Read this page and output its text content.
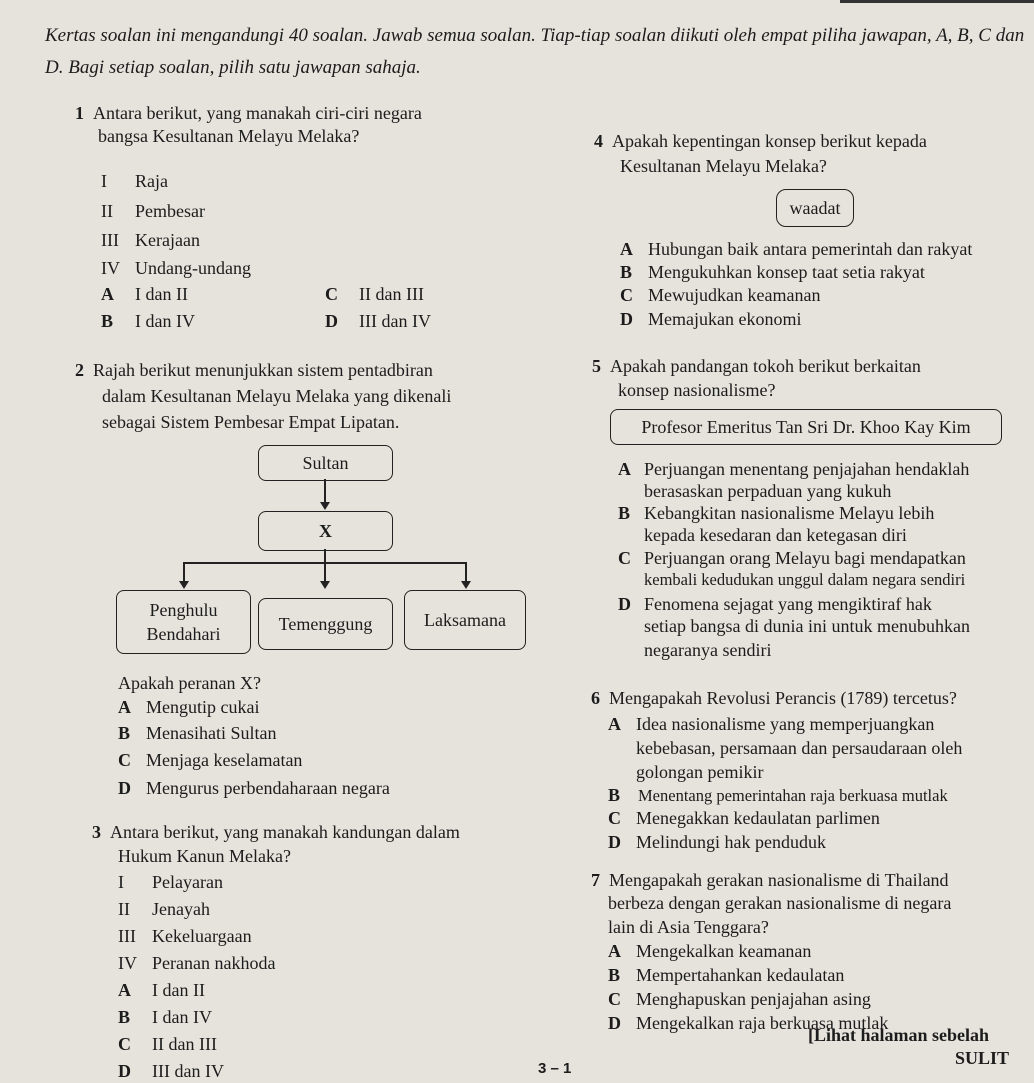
Kertas soalan ini mengandungi 40 soalan. Jawab semua soalan. Tiap-tiap soalan diikuti oleh empat piliha jawapan, A, B, C dan D. Bagi setiap soalan, pilih satu jawapan sahaja.
1 Antara berikut, yang manakah ciri-ciri negara
bangsa Kesultanan Melayu Melaka?
I Raja
II Pembesar
III Kerajaan
IV Undang-undang
A I dan II
B I dan IV
C II dan III
D III dan IV
2 Rajah berikut menunjukkan sistem pentadbiran
dalam Kesultanan Melayu Melaka yang dikenali
sebagai Sistem Pembesar Empat Lipatan.
Sultan
X
Penghulu
Bendahari
Temenggung	Laksamana
Apakah peranan X?
A Mengutip cukai
B Menasihati Sultan
C Menjaga keselamatan
D Mengurus perbendaharaan negara
3 Antara berikut, yang manakah kandungan dalam
Hukum Kanun Melaka?
I Pelayaran
II Jenayah
III Kekeluargaan
IV Peranan nakhoda
A I dan II
B I dan IV
C II dan III
D III dan IV
4 Apakah kepentingan konsep berikut kepada
Kesultanan Melayu Melaka?
waadat
A Hubungan baik antara pemerintah dan rakyat
B Mengukuhkan konsep taat setia rakyat
C Mewujudkan keamanan
D Memajukan ekonomi
5 Apakah pandangan tokoh berikut berkaitan
konsep nasionalisme?
Profesor Emeritus Tan Sri Dr. Khoo Kay Kim
A Perjuangan menentang penjajahan hendaklah
berasaskan perpaduan yang kukuh
B Kebangkitan nasionalisme Melayu lebih
kepada kesedaran dan ketegasan diri
C Perjuangan orang Melayu bagi mendapatkan
kembali kedudukan unggul dalam negara sendiri
D Fenomena sejagat yang mengiktiraf hak
setiap bangsa di dunia ini untuk menubuhkan
negaranya sendiri
6 Mengapakah Revolusi Perancis (1789) tercetus?
A Idea nasionalisme yang memperjuangkan
kebebasan, persamaan dan persaudaraan oleh
golongan pemikir
B Menentang pemerintahan raja berkuasa mutlak
C Menegakkan kedaulatan parlimen
D Melindungi hak penduduk
7 Mengapakah gerakan nasionalisme di Thailand
berbeza dengan gerakan nasionalisme di negara
lain di Asia Tenggara?
A Mengekalkan keamanan
B Mempertahankan kedaulatan
C Menghapuskan penjajahan asing
D Mengekalkan raja berkuasa mutlak
[Lihat halaman sebelah
SULIT
3 – 1
